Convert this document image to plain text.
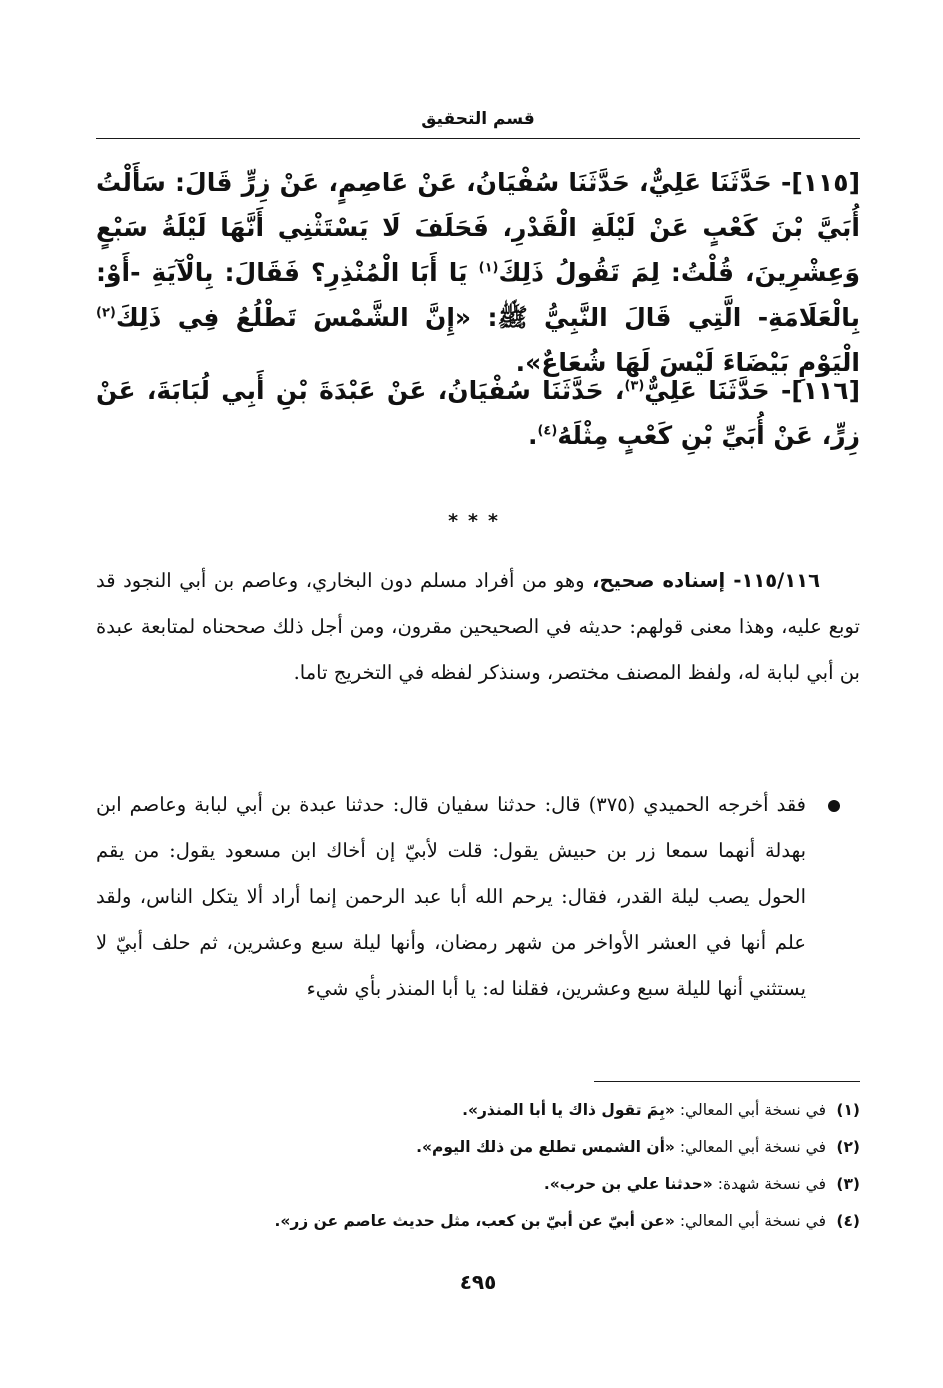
قسم التحقيق

[١١٥]- حَدَّثَنَا عَلِيٌّ، حَدَّثَنَا سُفْيَانُ، عَنْ عَاصِمٍ، عَنْ زِرٍّ قَالَ: سَأَلْتُ أُبَيَّ بْنَ كَعْبٍ عَنْ لَيْلَةِ الْقَدْرِ، فَحَلَفَ لَا يَسْتَثْنِي أَنَّهَا لَيْلَةُ سَبْعٍ وَعِشْرِينَ، قُلْتُ: لِمَ تَقُولُ ذَلِكَ$^{(١)}$ يَا أَبَا الْمُنْذِرِ؟ فَقَالَ: بِالْآيَةِ -أَوْ: بِالْعَلَامَةِ- الَّتِي قَالَ النَّبِيُّ ﷺ: «إِنَّ الشَّمْسَ تَطْلُعُ فِي ذَلِكَ$^{(٢)}$ الْيَوْمِ بَيْضَاءَ لَيْسَ لَهَا شُعَاعٌ».

[١١٦]- حَدَّثَنَا عَلِيٌّ$^{(٣)}$، حَدَّثَنَا سُفْيَانُ، عَنْ عَبْدَةَ بْنِ أَبِي لُبَابَةَ، عَنْ زِرٍّ، عَنْ أُبَيِّ بْنِ كَعْبٍ مِثْلَهُ$^{(٤)}$.

***

١١٥/١١٦- إسناده صحيح، وهو من أفراد مسلم دون البخاري، وعاصم بن أبي النجود قد توبع عليه، وهذا معنى قولهم: حديثه في الصحيحين مقرون، ومن أجل ذلك صححناه لمتابعة عبدة بن أبي لبابة له، ولفظ المصنف مختصر، وسنذكر لفظه في التخريج تاما.

فقد أخرجه الحميدي (٣٧٥) قال: حدثنا سفيان قال: حدثنا عبدة بن أبي لبابة وعاصم ابن بهدلة أنهما سمعا زر بن حبيش يقول: قلت لأبيّ إن أخاك ابن مسعود يقول: من يقم الحول يصب ليلة القدر، فقال: يرحم الله أبا عبد الرحمن إنما أراد ألا يتكل الناس، ولقد علم أنها في العشر الأواخر من شهر رمضان، وأنها ليلة سبع وعشرين، ثم حلف أبيّ لا يستثني أنها لليلة سبع وعشرين، فقلنا له: يا أبا المنذر بأي شيء

(١)في نسخة أبي المعالي: «بِمَ تقول ذاك يا أبا المنذر».
(٢)في نسخة أبي المعالي: «أن الشمس تطلع من ذلك اليوم».
(٣)في نسخة شهدة: «حدثنا علي بن حرب».
(٤)في نسخة أبي المعالي: «عن أبيّ عن أبيّ بن كعب، مثل حديث عاصم عن زر».
٤٩٥
